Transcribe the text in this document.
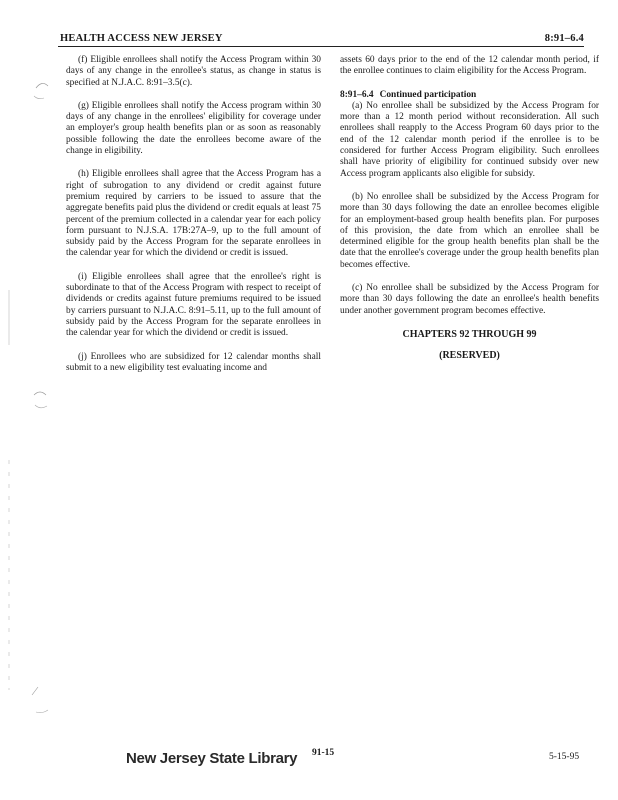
HEALTH ACCESS NEW JERSEY	8:91–6.4

(f) Eligible enrollees shall notify the Access Program within 30 days of any change in the enrollee's status, as change in status is specified at N.J.A.C. 8:91–3.5(c).

(g) Eligible enrollees shall notify the Access program within 30 days of any change in the enrollees' eligibility for coverage under an employer's group health benefits plan or as soon as reasonably possible following the date the enrollees become aware of the change in eligibility.

(h) Eligible enrollees shall agree that the Access Program has a right of subrogation to any dividend or credit against future premium required by carriers to be issued to assure that the aggregate benefits paid plus the dividend or credit equals at least 75 percent of the premium collected in a calendar year for each policy form pursuant to N.J.S.A. 17B:27A–9, up to the full amount of subsidy paid by the Access Program for the separate enrollees in the calendar year for which the dividend or credit is issued.

(i) Eligible enrollees shall agree that the enrollee's right is subordinate to that of the Access Program with respect to receipt of dividends or credits against future premiums required to be issued by carriers pursuant to N.J.A.C. 8:91–5.11, up to the full amount of subsidy paid by the Access Program for the separate enrollees in the calendar year for which the dividend or credit is issued.

(j) Enrollees who are subsidized for 12 calendar months shall submit to a new eligibility test evaluating income and

assets 60 days prior to the end of the 12 calendar month period, if the enrollee continues to claim eligibility for the Access Program.

8:91–6.4 Continued participation

(a) No enrollee shall be subsidized by the Access Program for more than a 12 month period without reconsideration. All such enrollees shall reapply to the Access Program 60 days prior to the end of the 12 calendar month period if the enrollee is to be considered for further Access Program eligibility. Such enrollees shall have priority of eligibility for continued subsidy over new Access program applicants also eligible for subsidy.

(b) No enrollee shall be subsidized by the Access Program for more than 30 days following the date an enrollee becomes eligible for an employment-based group health benefits plan. For purposes of this provision, the date from which an enrollee shall be determined eligible for the group health benefits plan shall be the date that the enrollee's coverage under the group health benefits plan becomes effective.

(c) No enrollee shall be subsidized by the Access Program for more than 30 days following the date an enrollee's health benefits under another government program becomes effective.

CHAPTERS 92 THROUGH 99
(RESERVED)
New Jersey State Library 91-15	5-15-95
